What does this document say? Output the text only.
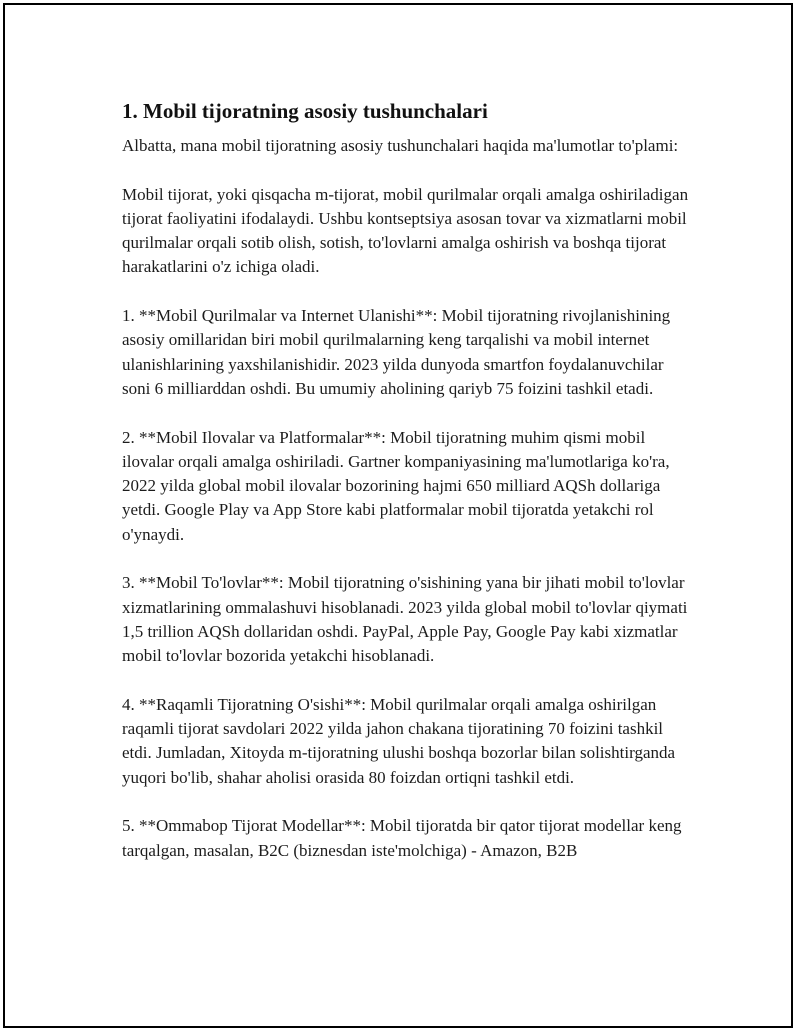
1. Mobil tijoratning asosiy tushunchalari

Albatta, mana mobil tijoratning asosiy tushunchalari haqida ma'lumotlar to'plami:

Mobil tijorat, yoki qisqacha m-tijorat, mobil qurilmalar orqali amalga oshiriladigan tijorat faoliyatini ifodalaydi. Ushbu kontseptsiya asosan tovar va xizmatlarni mobil qurilmalar orqali sotib olish, sotish, to'lovlarni amalga oshirish va boshqa tijorat harakatlarini o'z ichiga oladi.

1. **Mobil Qurilmalar va Internet Ulanishi**: Mobil tijoratning rivojlanishining asosiy omillaridan biri mobil qurilmalarning keng tarqalishi va mobil internet ulanishlarining yaxshilanishidir. 2023 yilda dunyoda smartfon foydalanuvchilar soni 6 milliarddan oshdi. Bu umumiy aholining qariyb 75 foizini tashkil etadi.

2. **Mobil Ilovalar va Platformalar**: Mobil tijoratning muhim qismi mobil ilovalar orqali amalga oshiriladi. Gartner kompaniyasining ma'lumotlariga ko'ra, 2022 yilda global mobil ilovalar bozorining hajmi 650 milliard AQSh dollariga yetdi. Google Play va App Store kabi platformalar mobil tijoratda yetakchi rol o'ynaydi.

3. **Mobil To'lovlar**: Mobil tijoratning o'sishining yana bir jihati mobil to'lovlar xizmatlarining ommalashuvi hisoblanadi. 2023 yilda global mobil to'lovlar qiymati 1,5 trillion AQSh dollaridan oshdi. PayPal, Apple Pay, Google Pay kabi xizmatlar mobil to'lovlar bozorida yetakchi hisoblanadi.

4. **Raqamli Tijoratning O'sishi**: Mobil qurilmalar orqali amalga oshirilgan raqamli tijorat savdolari 2022 yilda jahon chakana tijoratining 70 foizini tashkil etdi. Jumladan, Xitoyda m-tijoratning ulushi boshqa bozorlar bilan solishtirganda yuqori bo'lib, shahar aholisi orasida 80 foizdan ortiqni tashkil etdi.

5. **Ommabop Tijorat Modellar**: Mobil tijoratda bir qator tijorat modellar keng tarqalgan, masalan, B2C (biznesdan iste'molchiga) - Amazon, B2B
